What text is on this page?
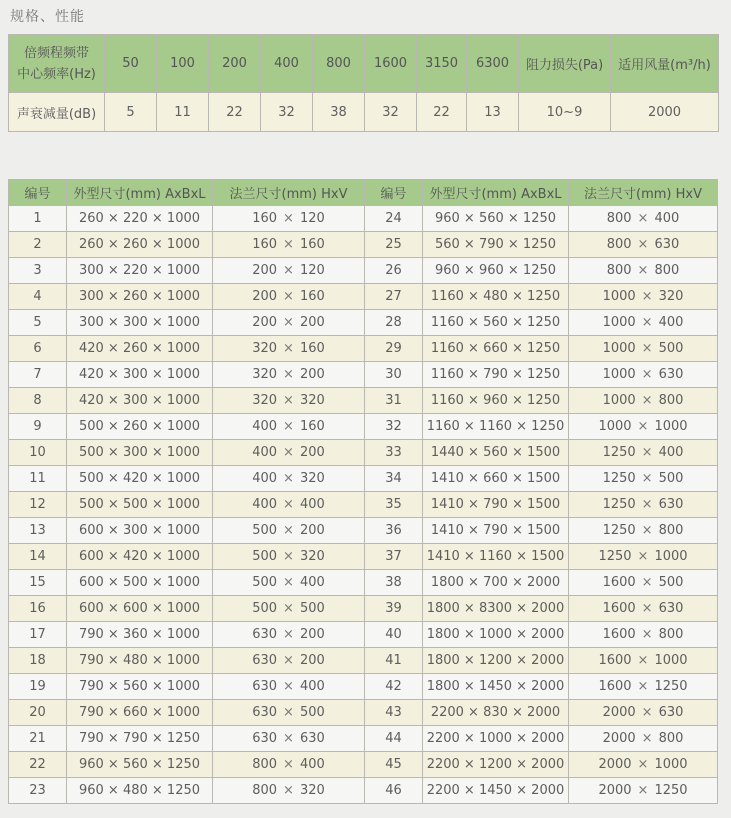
规格、性能
倍频程频带
中心频率(Hz)	50	100	200	400	800	1600	3150	6300	阻力损失(Pa)	适用风量(m³/h)
声衰减量(dB)	5	11	22	32	38	32	22	13	10~9	2000
编号	外型尺寸(mm) AxBxL	法兰尺寸(mm) HxV	编号	外型尺寸(mm) AxBxL	法兰尺寸(mm) HxV
1	260 × 220 × 1000	160 × 120	24	960 × 560 × 1250	800 × 400
2	260 × 260 × 1000	160 × 160	25	560 × 790 × 1250	800 × 630
3	300 × 220 × 1000	200 × 120	26	960 × 960 × 1250	800 × 800
4	300 × 260 × 1000	200 × 160	27	1160 × 480 × 1250	1000 × 320
5	300 × 300 × 1000	200 × 200	28	1160 × 560 × 1250	1000 × 400
6	420 × 260 × 1000	320 × 160	29	1160 × 660 × 1250	1000 × 500
7	420 × 300 × 1000	320 × 200	30	1160 × 790 × 1250	1000 × 630
8	420 × 300 × 1000	320 × 320	31	1160 × 960 × 1250	1000 × 800
9	500 × 260 × 1000	400 × 160	32	1160 × 1160 × 1250	1000 × 1000
10	500 × 300 × 1000	400 × 200	33	1440 × 560 × 1500	1250 × 400
11	500 × 420 × 1000	400 × 320	34	1410 × 660 × 1500	1250 × 500
12	500 × 500 × 1000	400 × 400	35	1410 × 790 × 1500	1250 × 630
13	600 × 300 × 1000	500 × 200	36	1410 × 790 × 1500	1250 × 800
14	600 × 420 × 1000	500 × 320	37	1410 × 1160 × 1500	1250 × 1000
15	600 × 500 × 1000	500 × 400	38	1800 × 700 × 2000	1600 × 500
16	600 × 600 × 1000	500 × 500	39	1800 × 8300 × 2000	1600 × 630
17	790 × 360 × 1000	630 × 200	40	1800 × 1000 × 2000	1600 × 800
18	790 × 480 × 1000	630 × 200	41	1800 × 1200 × 2000	1600 × 1000
19	790 × 560 × 1000	630 × 400	42	1800 × 1450 × 2000	1600 × 1250
20	790 × 660 × 1000	630 × 500	43	2200 × 830 × 2000	2000 × 630
21	790 × 790 × 1250	630 × 630	44	2200 × 1000 × 2000	2000 × 800
22	960 × 560 × 1250	800 × 400	45	2200 × 1200 × 2000	2000 × 1000
23	960 × 480 × 1250	800 × 320	46	2200 × 1450 × 2000	2000 × 1250
